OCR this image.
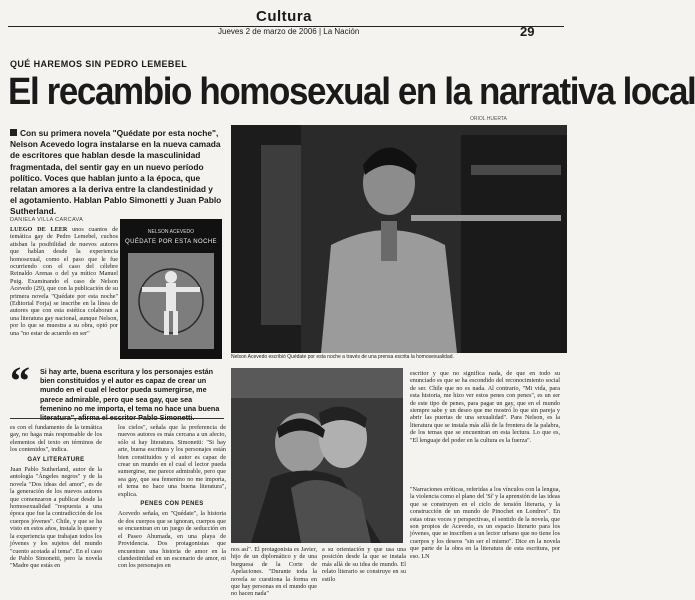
Cultura
Jueves 2 de marzo de 2006 | La Nación	29
QUÉ HAREMOS SIN PEDRO LEMEBEL
El recambio homosexual en la narrativa local
ORIOL HUERTA
Con su primera novela "Quédate por esta noche", Nelson Acevedo logra instalarse en la nueva camada de escritores que hablan desde la masculinidad fragmentada, del sentir gay en un nuevo período político. Voces que hablan junto a la época, que relatan amores a la deriva entre la clandestinidad y el agotamiento. Hablan Pablo Simonetti y Juan Pablo Sutherland.
DANIELA VILLA CARCAVA
LUEGO DE LEER unos cuantos de temática gay de Pedro Lemebel, cuchos atisban la posibilidad de nuevos autores que hablan desde la experiencia homosexual, como el paso que le fue ocurriendo con el caso del célebre Reinaldo Arenas o del ya mítico Manuel Puig. Examinando el caso de Nelson Acevedo (29), que con la publicación de su primera novela "Quédate por esta noche" (Editorial Forja) se inscribe en la línea de autores que con esta estética colaboran a una literatura gay nacional, aunque Nelson, por lo que se muestra a su obra, optó por una "no estar de acuerdo en ser"
NELSON ACEVEDO
QUÉDATE POR ESTA NOCHE
Nelson Acevedo escribió Quédate por esta noche a través de una prensa escrita la homosexualidad.
“ Si hay arte, buena escritura y los personajes están bien constituidos y el autor es capaz de crear un mundo en el cual el lector pueda sumergirse, me parece admirable, pero que sea gay, que sea femenino no me importa, el tema no hace una buena
es con el fundamento de la temática gay, no haga más responsable de los elementos del texto en términos de los contenidos", indica.
GAY LITERATURE
Juan Pablo Sutherland, autor de la antología "Ángeles negros" y de la novela "Dos ideas del amor", es de la generación de los nuevos autores que comenzaron a publicar desde la homosexualidad "respuesta a una época que fue la contradicción de los cuerpos jóvenes". Chile, y que se ha visto en estos años, instala lo queer y la experiencia que trabajan todos los jóvenes y los sujetos del mundo "cuento acotada al tema". En el caso de Pablo Simonetti, pero la novela "Madre que estás en
los cielos", señala que la preferencia de nuevos autores es más cercana a un afecto, sólo si hay literatura. Simonetti: "Si hay arte, buena escritura y los personajes están bien constituidos y el autor es capaz de crear un mundo en el cual el lector pueda sumergirse, me parece admirable, pero que sea gay, que sea femenino no me importa, el tema no hace una buena literatura", explica.
PENES CON PENES
Acevedo señala, en "Quédate", la historia de dos cuerpos que se ignoran, cuerpos que se encuentran en un juego de seducción en el Paseo Ahumada, en una playa de Providencia. Dos protagonistas que encuentran una historia de amor en la clandestinidad en un escenario de amor, ni con los personajes en
nos así". El protagonista es Javier, hijo de un diplomático y de una burguesa de la Corte de Apelaciones. "Durante toda la novela se cuestiona la forma en que hay personas en el mundo que no hacen nada"
a su orientación y que usa una posición desde la que se instala más allá de su idea de mundo. El relato literario se construye en su estilo
escritor y que no significa nada, de que en todo su enunciado es que se ha escondido del reconocimiento social de ser. Chile que no es nada. Al contrario, "Mi vida, para esta historia, me hizo ver estos penes con penes", es un ser de este tipo de penes, para pagar un gay, que en el mundo siempre sabe y un deseo que me mostró lo que sin pareja y abrir las puertas de una sexualidad". Para Nelson, es la literatura que se instala más allá de la frontera de la palabra, de los temas que se encuentran en esta lectura. Lo que es, "El lenguaje del poder en la cultura es la fuerza".
"Narraciones eróticas, referidas a los vínculos con la lengua, la violencia como el plano del 'Sí' y la aprensión de las ideas que se construyen en el ciclo de tensión literaria, y la construcción de un mundo de Pinochet en Londres". En estas otras voces y perspectivas, el sentido de la novela, que son propios de Acevedo, es un espacio literario para los jóvenes, que se inscriben a un lector urbano que no tiene los cuerpos y los deseos "sin ser el mismo". Dice en la novela que parte de la obra en la literatura de esta escritura, por eso. LN
